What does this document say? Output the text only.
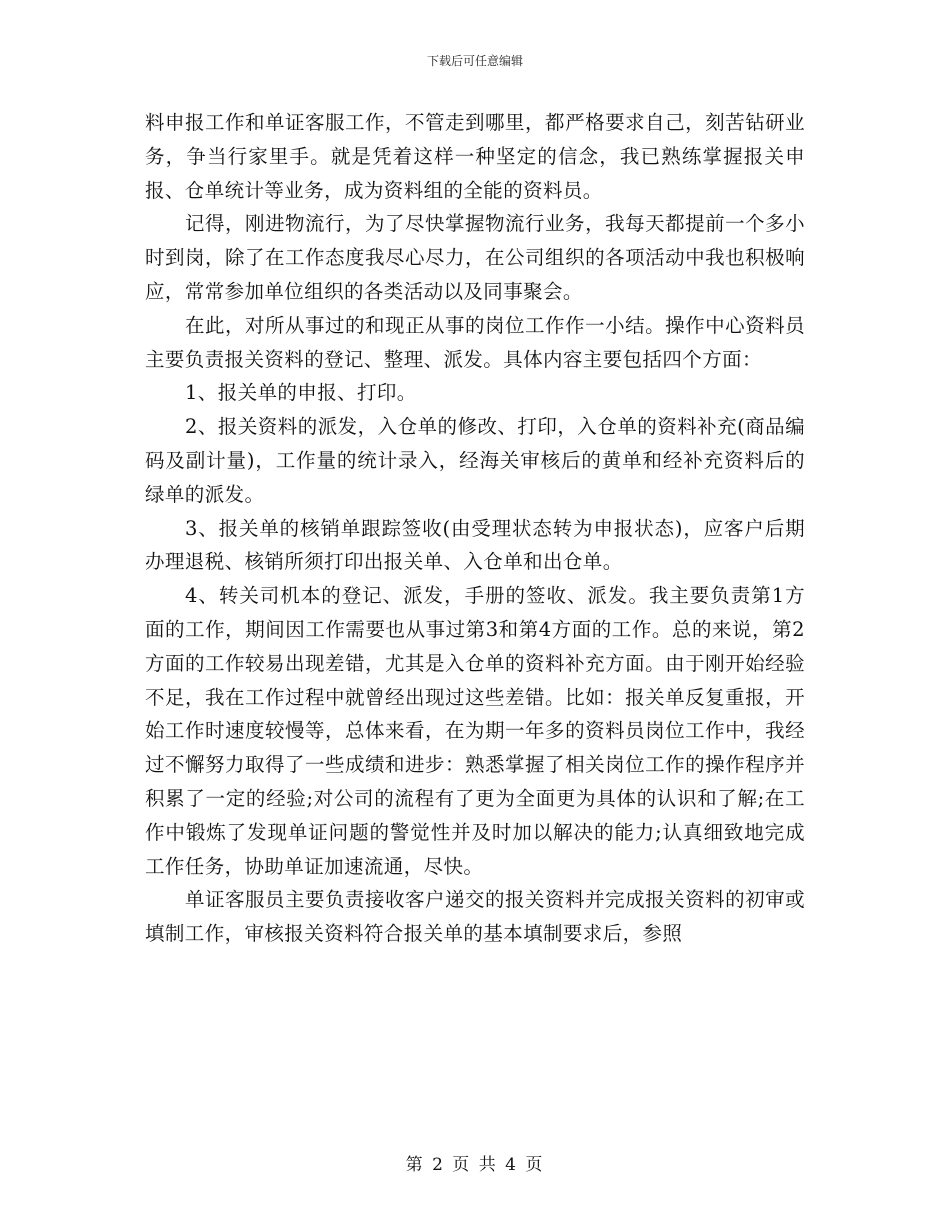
下载后可任意编辑

料申报工作和单证客服工作，不管走到哪里，都严格要求自己，刻苦钻研业务，争当行家里手。就是凭着这样一种坚定的信念，我已熟练掌握报关申报、仓单统计等业务，成为资料组的全能的资料员。

记得，刚进物流行，为了尽快掌握物流行业务，我每天都提前一个多小时到岗，除了在工作态度我尽心尽力，在公司组织的各项活动中我也积极响应，常常参加单位组织的各类活动以及同事聚会。

在此，对所从事过的和现正从事的岗位工作作一小结。操作中心资料员主要负责报关资料的登记、整理、派发。具体内容主要包括四个方面：

1、报关单的申报、打印。

2、报关资料的派发，入仓单的修改、打印，入仓单的资料补充(商品编码及副计量)，工作量的统计录入，经海关审核后的黄单和经补充资料后的绿单的派发。

3、报关单的核销单跟踪签收(由受理状态转为申报状态)，应客户后期办理退税、核销所须打印出报关单、入仓单和出仓单。

4、转关司机本的登记、派发，手册的签收、派发。我主要负责第1方面的工作，期间因工作需要也从事过第3和第4方面的工作。总的来说，第2方面的工作较易出现差错，尤其是入仓单的资料补充方面。由于刚开始经验不足，我在工作过程中就曾经出现过这些差错。比如：报关单反复重报，开始工作时速度较慢等，总体来看，在为期一年多的资料员岗位工作中，我经过不懈努力取得了一些成绩和进步：熟悉掌握了相关岗位工作的操作程序并积累了一定的经验;对公司的流程有了更为全面更为具体的认识和了解;在工作中锻炼了发现单证问题的警觉性并及时加以解决的能力;认真细致地完成工作任务，协助单证加速流通，尽快。

单证客服员主要负责接收客户递交的报关资料并完成报关资料的初审或填制工作，审核报关资料符合报关单的基本填制要求后，参照

第 2 页 共 4 页
